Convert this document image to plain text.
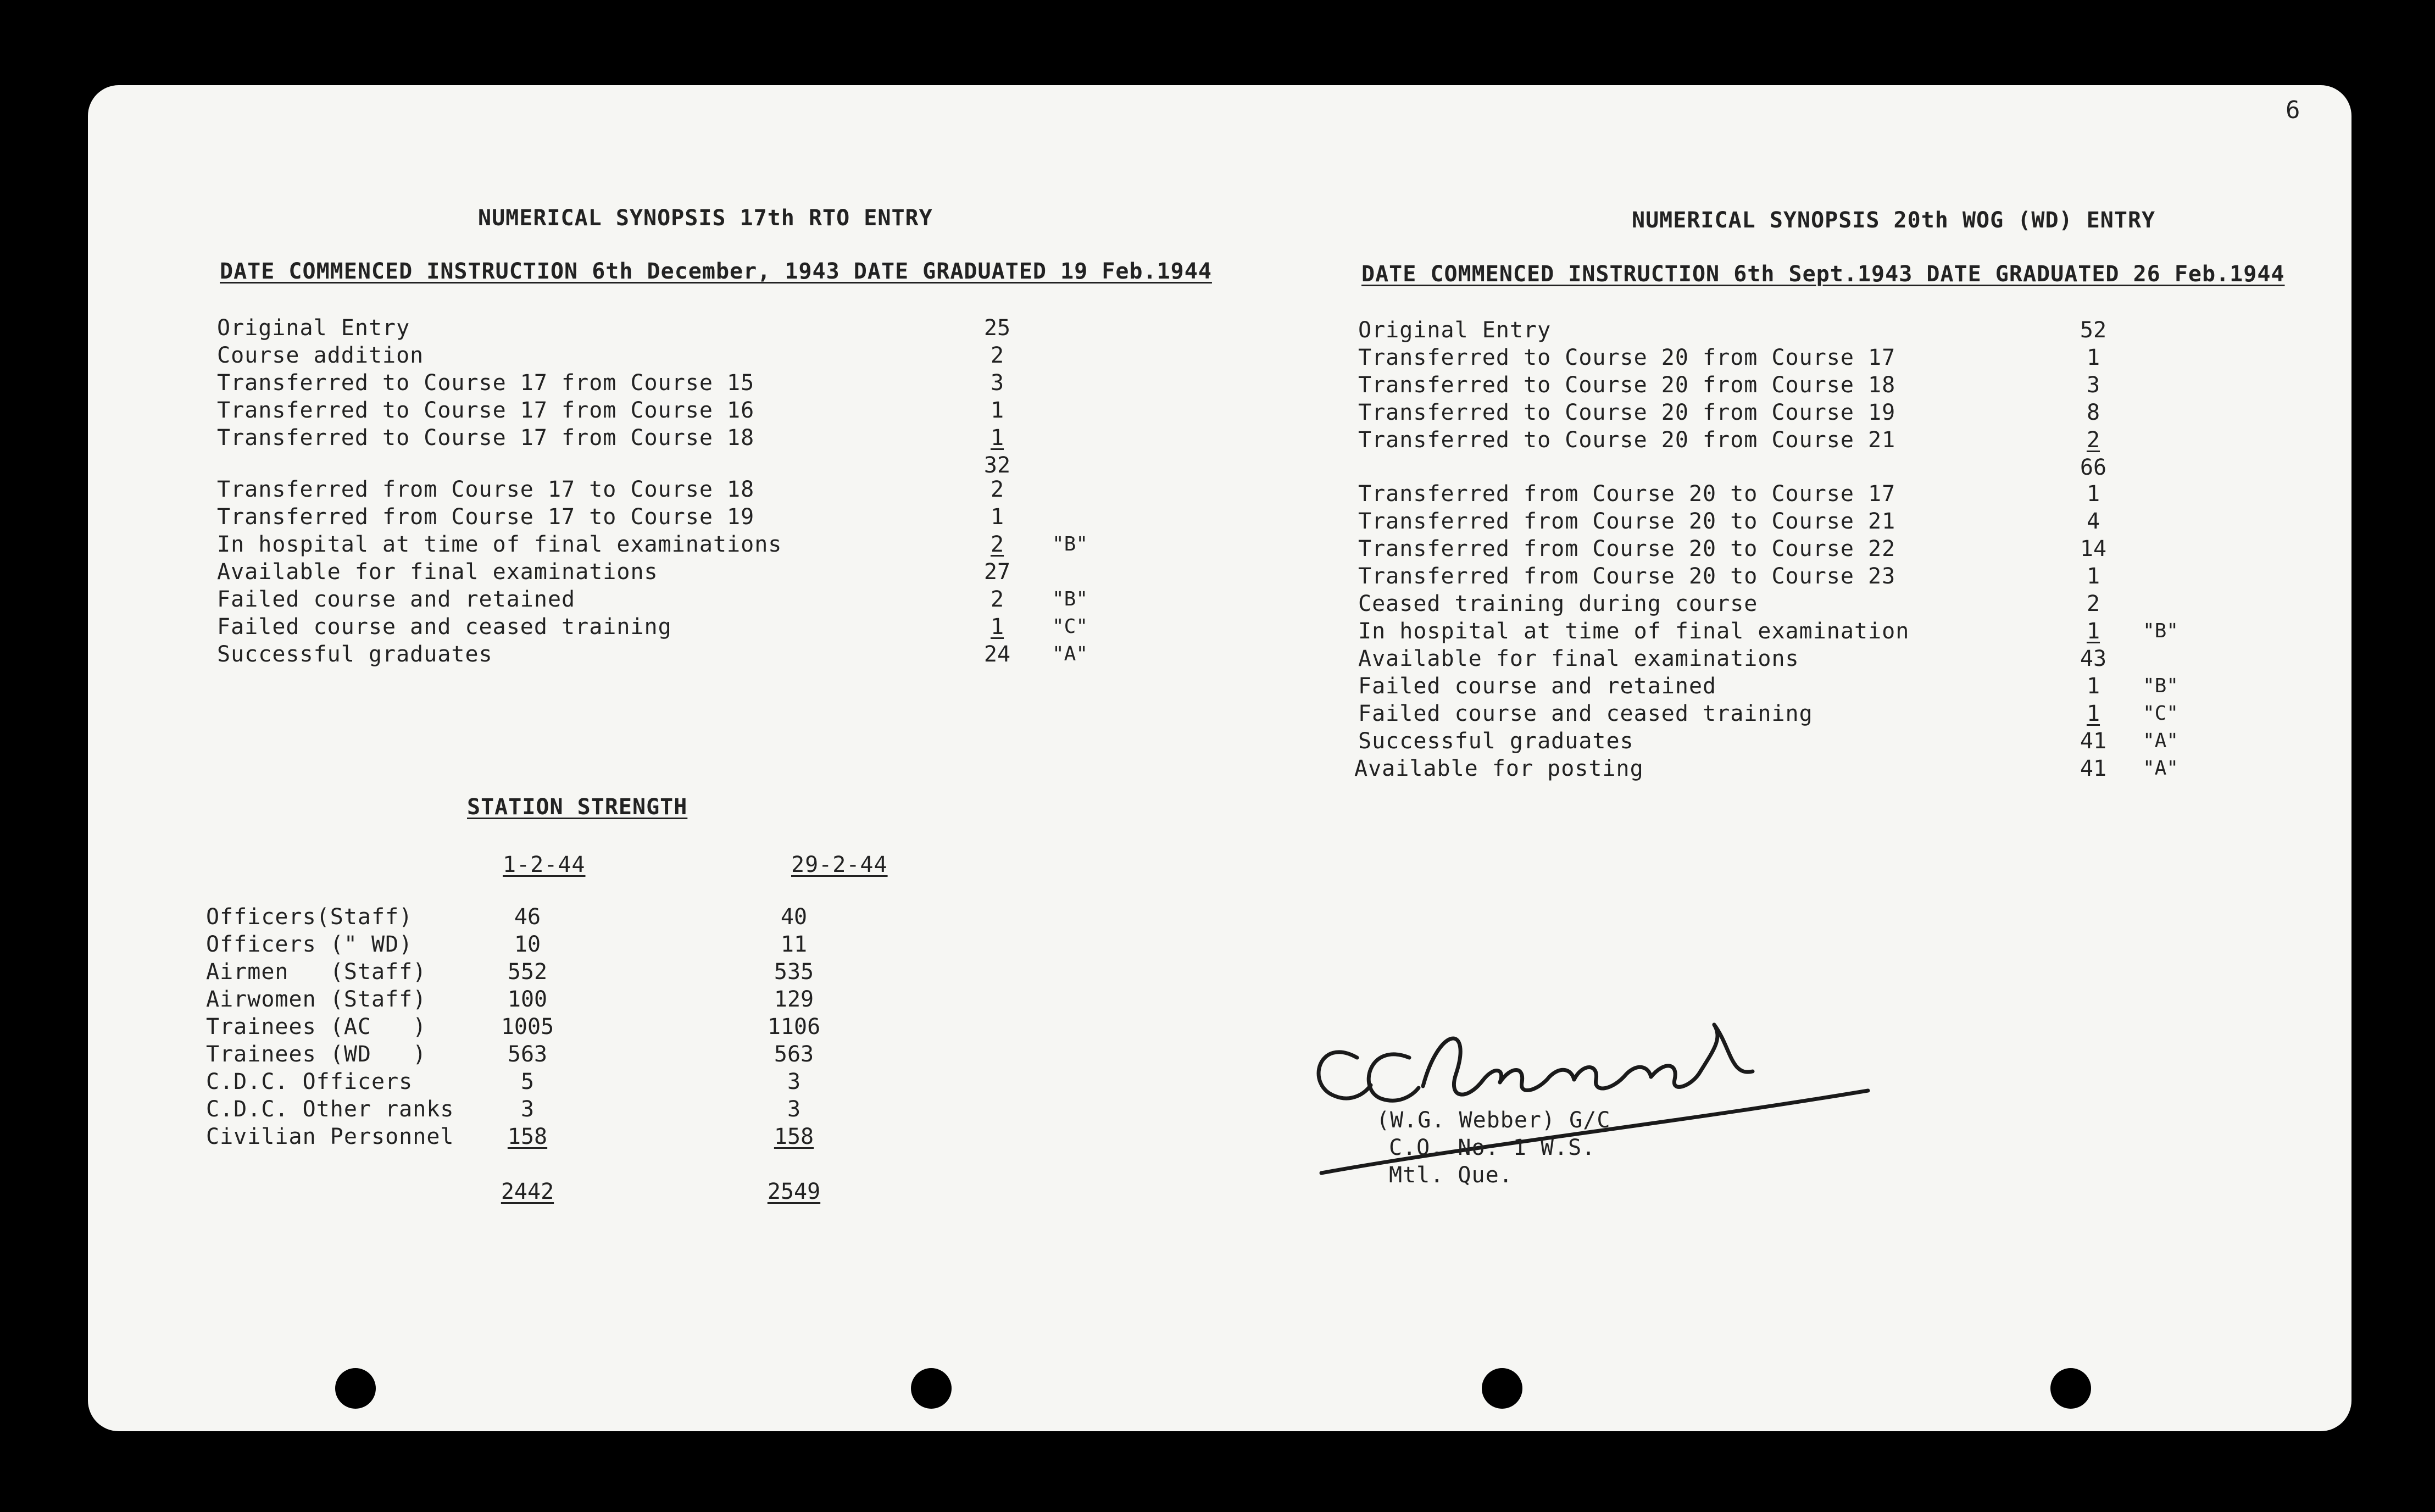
6
NUMERICAL SYNOPSIS 17th RTO ENTRY
DATE COMMENCED INSTRUCTION 6th December, 1943 DATE GRADUATED 19 Feb.1944
Original Entry	25
Course addition	2
Transferred to Course 17 from Course 15	3
Transferred to Course 17 from Course 16	1
Transferred to Course 17 from Course 18	1
32
Transferred from Course 17 to Course 18	2
Transferred from Course 17 to Course 19	1
In hospital at time of final examinations	2	"B"
Available for final examinations	27
Failed course and retained	2	"B"
Failed course and ceased training	1	"C"
Successful graduates	24	"A"
NUMERICAL SYNOPSIS 20th WOG (WD) ENTRY
DATE COMMENCED INSTRUCTION 6th Sept.1943 DATE GRADUATED 26 Feb.1944
Original Entry	52
Transferred to Course 20 from Course 17	1
Transferred to Course 20 from Course 18	3
Transferred to Course 20 from Course 19	8
Transferred to Course 20 from Course 21	2
66
Transferred from Course 20 to Course 17	1
Transferred from Course 20 to Course 21	4
Transferred from Course 20 to Course 22	14
Transferred from Course 20 to Course 23	1
Ceased training during course	2
In hospital at time of final examination	1	"B"
Available for final examinations	43
Failed course and retained	1	"B"
Failed course and ceased training	1	"C"
Successful graduates	41	"A"
Available for posting	41	"A"
STATION STRENGTH
1-2-44	29-2-44
Officers(Staff)	46	40
Officers (" WD)	10	11
Airmen   (Staff)	552	535
Airwomen (Staff)	100	129
Trainees (AC   )	1005	1106
Trainees (WD   )	563	563
C.D.C. Officers	5	3
C.D.C. Other ranks	3	3
Civilian Personnel	158	158
2442	2549
(W.G. Webber) G/C
C.O. No. 1 W.S.
Mtl. Que.
